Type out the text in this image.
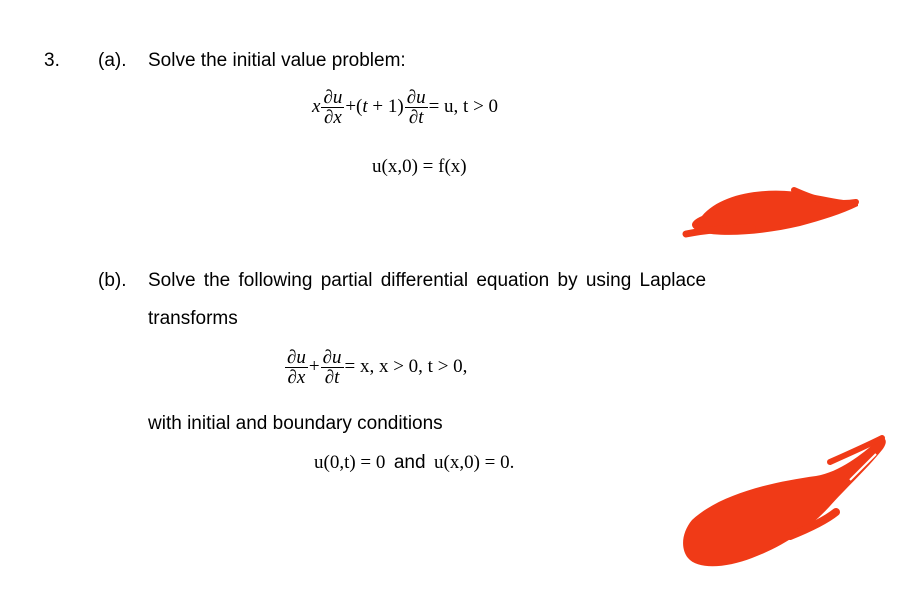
3. (a). Solve the initial value problem:
x $\frac{\partial u}{\partial x} +(t + 1) \frac{\partial u}{\partial t} = u$, t > 0
u(x,0) = f(x)
(b). Solve the following partial differential equation by using Laplace
transforms
$\frac{\partial u}{\partial x} + \frac{\partial u}{\partial t} = x$, x > 0, t > 0,
with initial and boundary conditions
u(0,t) = 0 and u(x,0) = 0.
